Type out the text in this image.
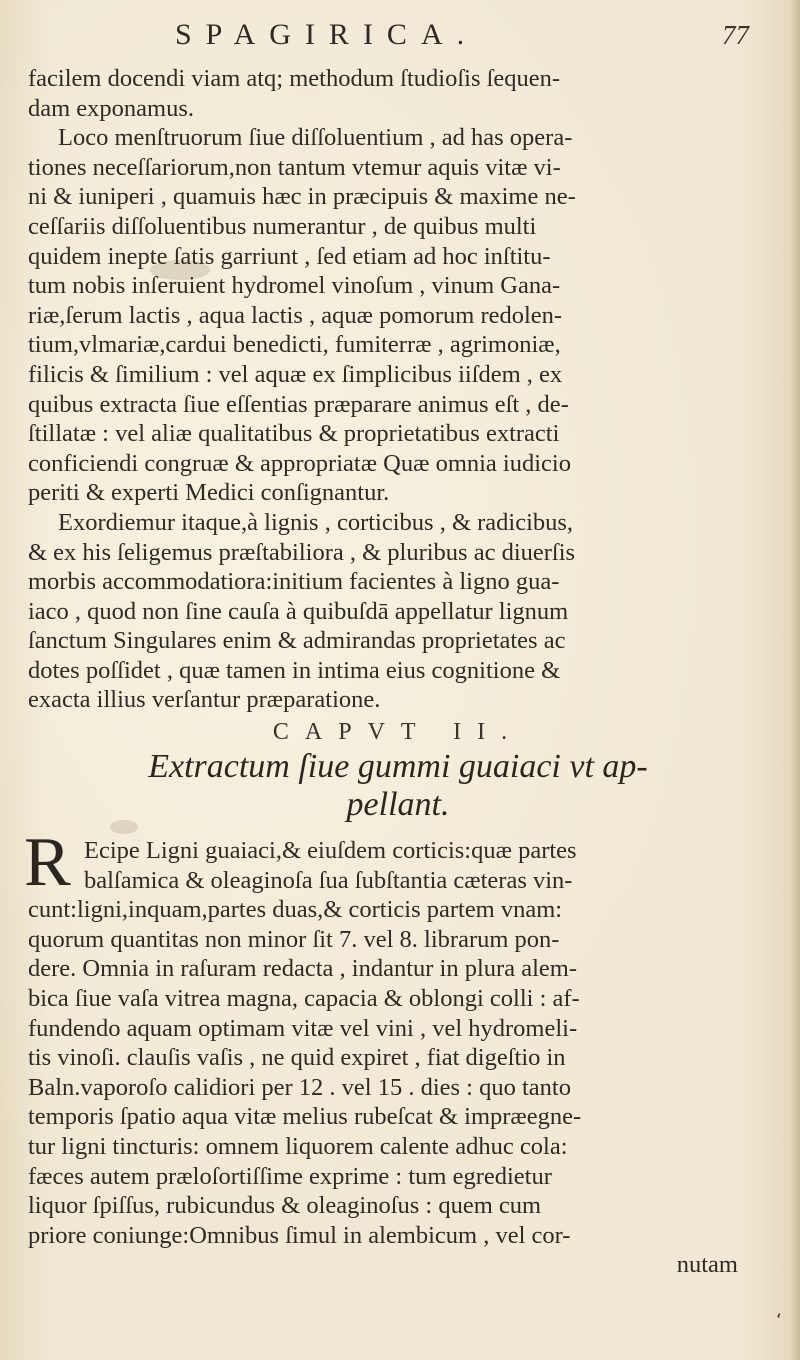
SPAGIRICA.	77
facilem docendi viam atq; methodum ſtudioſis ſequen-
dam exponamus.
Loco menſtruorum ſiue diſſoluentium , ad has opera-
tiones neceſſariorum,non tantum vtemur aquis vitæ vi-
ni & iuniperi , quamuis hæc in præcipuis & maxime ne-
ceſſariis diſſoluentibus numerantur , de quibus multi
quidem inepte ſatis garriunt , ſed etiam ad hoc inſtitu-
tum nobis inſeruient hydromel vinoſum , vinum Gana-
riæ,ſerum lactis , aqua lactis , aquæ pomorum redolen-
tium,vlmariæ,cardui benedicti, fumiterræ , agrimoniæ,
filicis & ſimilium : vel aquæ ex ſimplicibus iiſdem , ex
quibus extracta ſiue eſſentias præparare animus eſt , de-
ſtillatæ : vel aliæ qualitatibus & proprietatibus extracti
conficiendi congruæ & appropriatæ Quæ omnia iudicio
periti & experti Medici conſignantur.
Exordiemur itaque,à lignis , corticibus , & radicibus,
& ex his ſeligemus præſtabiliora , & pluribus ac diuerſis
morbis accommodatiora:initium facientes à ligno gua-
iaco , quod non ſine cauſa à quibuſdā appellatur lignum
ſanctum Singulares enim & admirandas proprietates ac
dotes poſſidet , quæ tamen in intima eius cognitione &
exacta illius verſantur præparatione.
CAPVT II.
Extractum ſiue gummi guaiaci vt ap-
pellant.
R Ecipe Ligni guaiaci,& eiuſdem corticis:quæ partes
balſamica & oleaginoſa ſua ſubſtantia cæteras vin-
cunt:ligni,inquam,partes duas,& corticis partem vnam:
quorum quantitas non minor ſit 7. vel 8. librarum pon-
dere. Omnia in raſuram redacta , indantur in plura alem-
bica ſiue vaſa vitrea magna, capacia & oblongi colli : af-
fundendo aquam optimam vitæ vel vini , vel hydromeli-
tis vinoſi. clauſis vaſis , ne quid expiret , fiat digeſtio in
Baln.vaporoſo calidiori per 12 . vel 15 . dies : quo tanto
temporis ſpatio aqua vitæ melius rubeſcat & impræegne-
tur ligni tincturis: omnem liquorem calente adhuc cola:
fæces autem præloſortiſſime exprime : tum egredietur
liquor ſpiſſus, rubicundus & oleaginoſus : quem cum
priore coniunge:Omnibus ſimul in alembicum , vel cor-
nutam
ʻ
